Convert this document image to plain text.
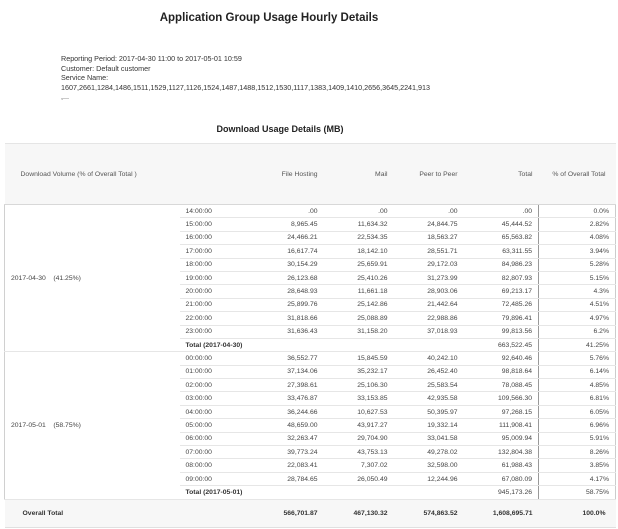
Application Group Usage Hourly Details
Reporting Period: 2017-04-30 11:00 to 2017-05-01 10:59
Customer: Default customer
Service Name:
1607,2661,1284,1486,1511,1529,1127,1126,1524,1487,1488,1512,1530,1117,1383,1409,1410,2656,3645,2241,913
,...
Download Usage Details (MB)
Download Volume (% of Overall Total )		File Hosting	Mail	Peer to Peer	Total	% of Overall Total
2017-04-30    (41.25%)	14:00:00	.00	.00	.00	.00	0.0%
	15:00:00	8,965.45	11,634.32	24,844.75	45,444.52	2.82%
	16:00:00	24,466.21	22,534.35	18,563.27	65,563.82	4.08%
	17:00:00	16,617.74	18,142.10	28,551.71	63,311.55	3.94%
	18:00:00	30,154.29	25,659.91	29,172.03	84,986.23	5.28%
	19:00:00	26,123.68	25,410.26	31,273.99	82,807.93	5.15%
	20:00:00	28,648.93	11,661.18	28,903.06	69,213.17	4.3%
	21:00:00	25,899.76	25,142.86	21,442.64	72,485.26	4.51%
	22:00:00	31,818.66	25,088.89	22,988.86	79,896.41	4.97%
	23:00:00	31,636.43	31,158.20	37,018.93	99,813.56	6.2%
	Total (2017-04-30)				663,522.45	41.25%
2017-05-01    (58.75%)	00:00:00	36,552.77	15,845.59	40,242.10	92,640.46	5.76%
	01:00:00	37,134.06	35,232.17	26,452.40	98,818.64	6.14%
	02:00:00	27,398.61	25,106.30	25,583.54	78,088.45	4.85%
	03:00:00	33,476.87	33,153.85	42,935.58	109,566.30	6.81%
	04:00:00	36,244.66	10,627.53	50,395.97	97,268.15	6.05%
	05:00:00	48,659.00	43,917.27	19,332.14	111,908.41	6.96%
	06:00:00	32,263.47	29,704.90	33,041.58	95,009.94	5.91%
	07:00:00	39,773.24	43,753.13	49,278.02	132,804.38	8.26%
	08:00:00	22,083.41	7,307.02	32,598.00	61,988.43	3.85%
	09:00:00	28,784.65	26,050.49	12,244.96	67,080.09	4.17%
	Total (2017-05-01)				945,173.26	58.75%
Overall Total		566,701.87	467,130.32	574,863.52	1,608,695.71	100.0%
